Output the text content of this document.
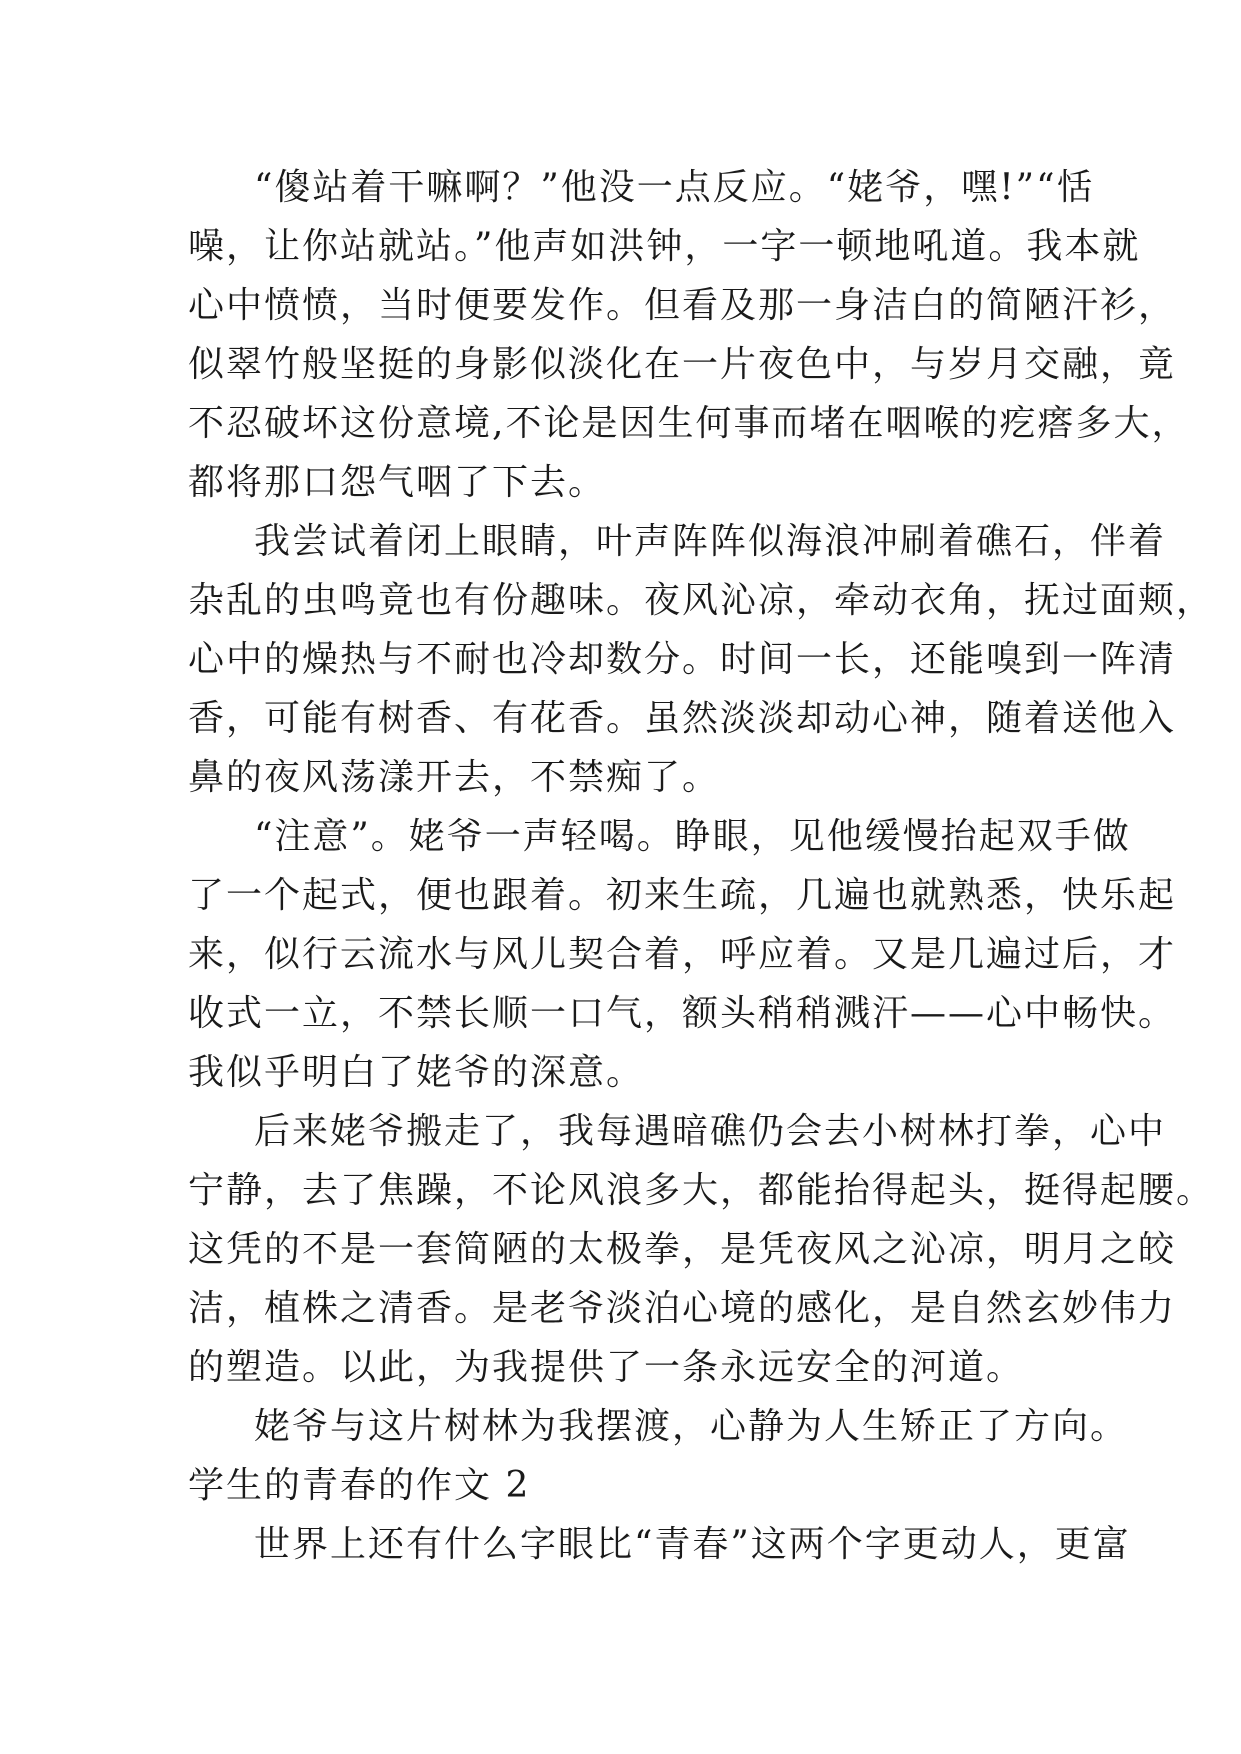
“傻站着干嘛啊？”他没一点反应。“姥爷，嘿!”“恬
噪，让你站就站。”他声如洪钟，一字一顿地吼道。我本就
心中愤愤，当时便要发作。但看及那一身洁白的简陋汗衫，
似翠竹般坚挺的身影似淡化在一片夜色中，与岁月交融，竟
不忍破坏这份意境,不论是因生何事而堵在咽喉的疙瘩多大，
都将那口怨气咽了下去。
我尝试着闭上眼睛，叶声阵阵似海浪冲刷着礁石，伴着
杂乱的虫鸣竟也有份趣味。夜风沁凉，牵动衣角，抚过面颊，
心中的燥热与不耐也冷却数分。时间一长，还能嗅到一阵清
香，可能有树香、有花香。虽然淡淡却动心神，随着送他入
鼻的夜风荡漾开去，不禁痴了。
“注意”。姥爷一声轻喝。睁眼，见他缓慢抬起双手做
了一个起式，便也跟着。初来生疏，几遍也就熟悉，快乐起
来，似行云流水与风儿契合着，呼应着。又是几遍过后，才
收式一立，不禁长顺一口气，额头稍稍溅汗——心中畅快。
我似乎明白了姥爷的深意。
后来姥爷搬走了，我每遇暗礁仍会去小树林打拳，心中
宁静，去了焦躁，不论风浪多大，都能抬得起头，挺得起腰。
这凭的不是一套简陋的太极拳，是凭夜风之沁凉，明月之皎
洁，植株之清香。是老爷淡泊心境的感化，是自然玄妙伟力
的塑造。以此，为我提供了一条永远安全的河道。
姥爷与这片树林为我摆渡，心静为人生矫正了方向。
学生的青春的作文 2
世界上还有什么字眼比“青春”这两个字更动人，更富
